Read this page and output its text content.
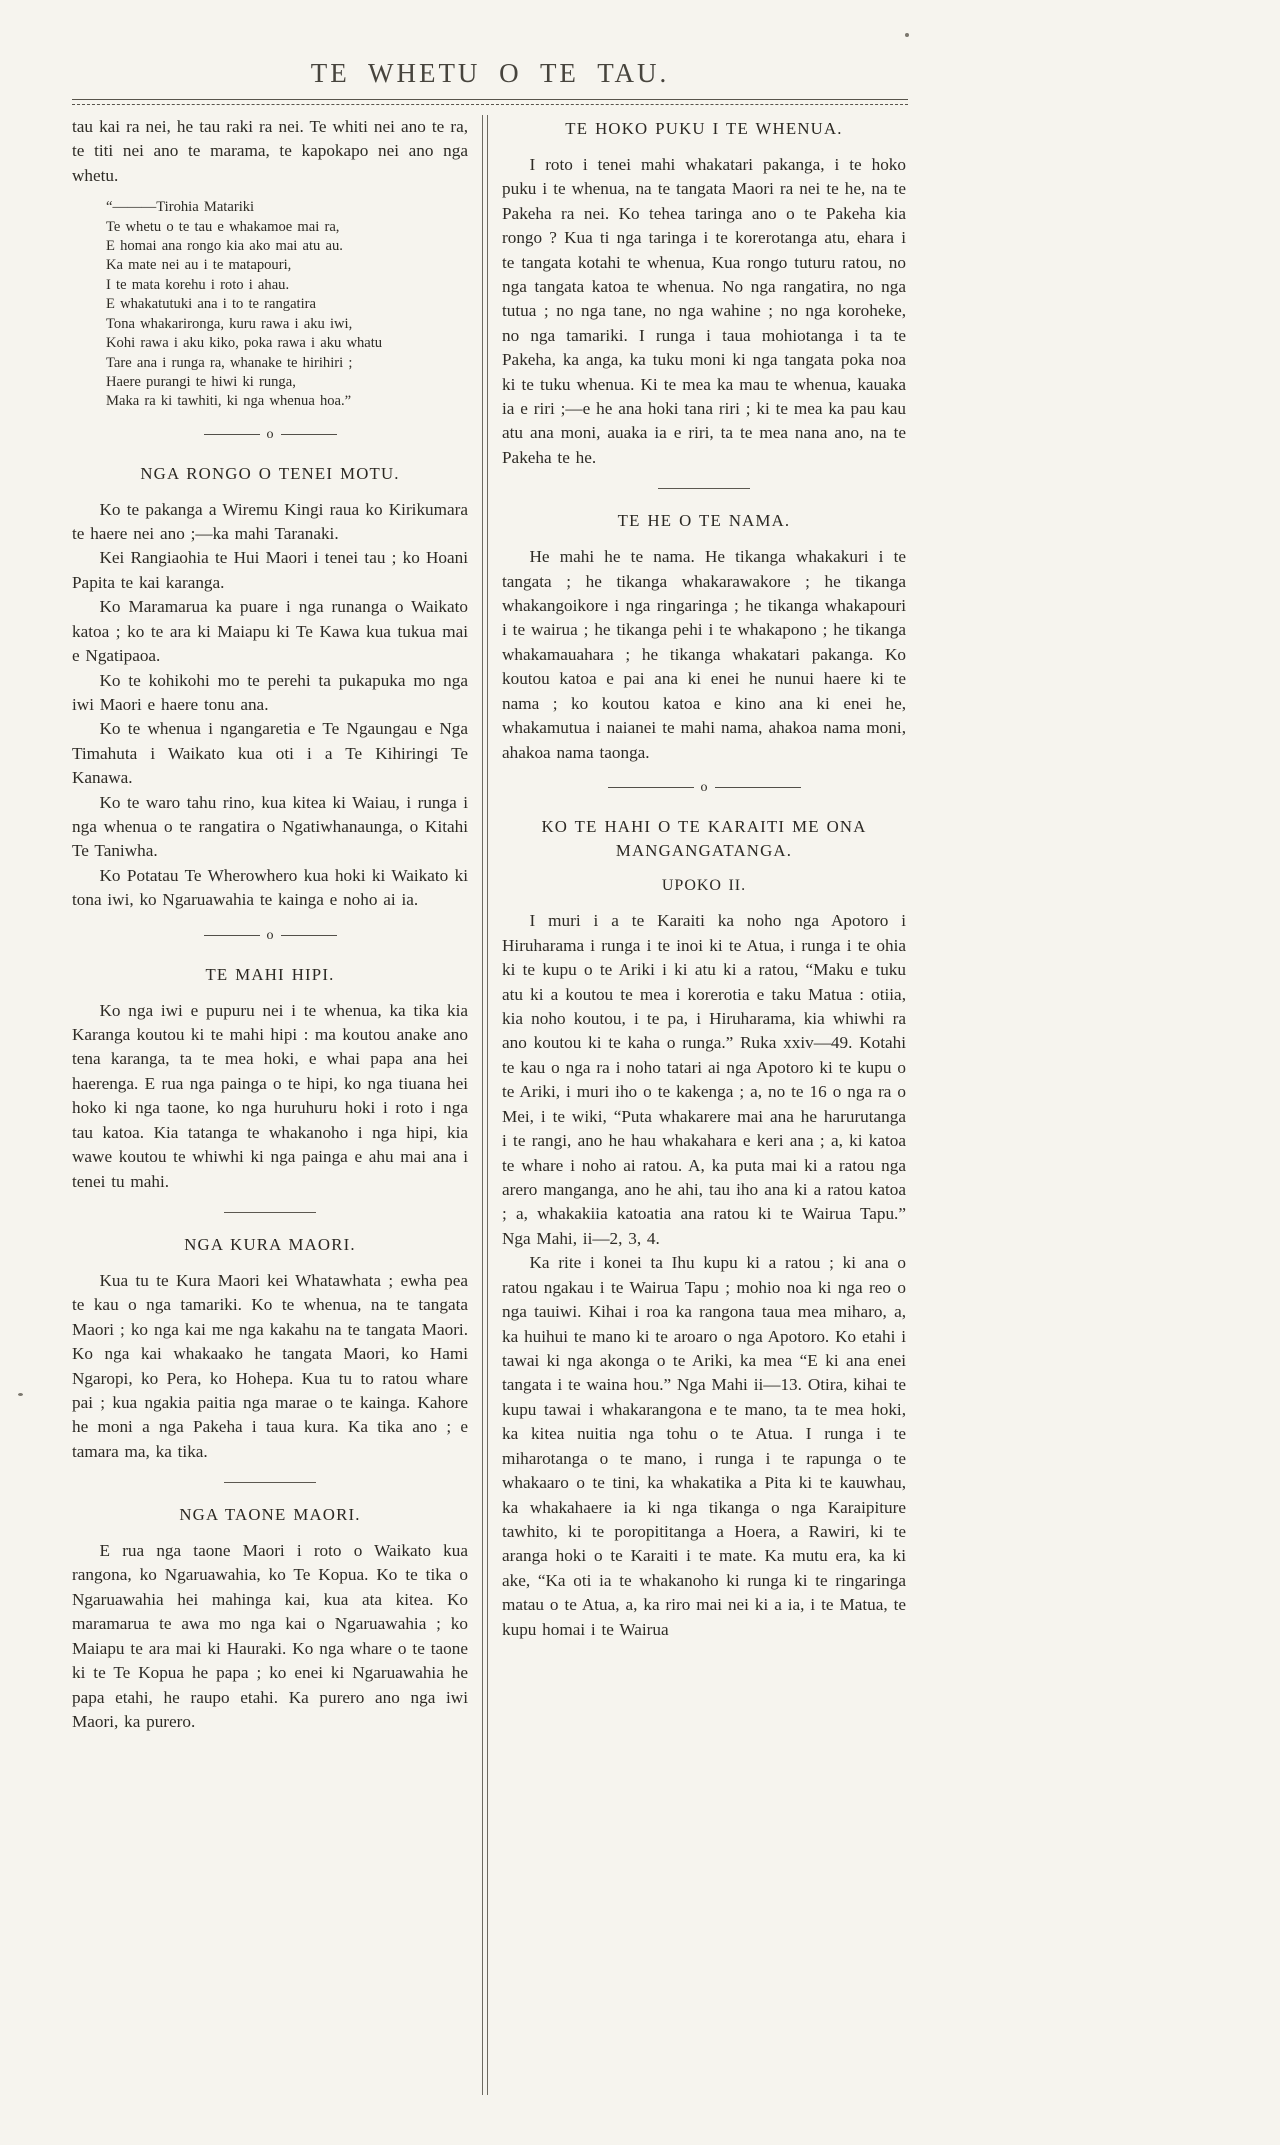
TE WHETU O TE TAU.

tau kai ra nei, he tau raki ra nei. Te whiti nei ano te ra, te titi nei ano te marama, te kapokapo nei ano nga whetu.

“———Tirohia Matariki
Te whetu o te tau e whakamoe mai ra,
E homai ana rongo kia ako mai atu au.
Ka mate nei au i te matapouri,
I te mata korehu i roto i ahau.
E whakatutuki ana i to te rangatira
Tona whakarironga, kuru rawa i aku iwi,
Kohi rawa i aku kiko, poka rawa i aku whatu
Tare ana i runga ra, whanake te hirihiri ;
Haere purangi te hiwi ki runga,
Maka ra ki tawhiti, ki nga whenua hoa.”
o
NGA RONGO O TENEI MOTU.

Ko te pakanga a Wiremu Kingi raua ko Kirikumara te haere nei ano ;—ka mahi Taranaki.

Kei Rangiaohia te Hui Maori i tenei tau ; ko Hoani Papita te kai karanga.

Ko Maramarua ka puare i nga runanga o Waikato katoa ; ko te ara ki Maiapu ki Te Kawa kua tukua mai e Ngatipaoa.

Ko te kohikohi mo te perehi ta pukapuka mo nga iwi Maori e haere tonu ana.

Ko te whenua i ngangaretia e Te Ngaungau e Nga Timahuta i Waikato kua oti i a Te Kihiringi Te Kanawa.

Ko te waro tahu rino, kua kitea ki Waiau, i runga i nga whenua o te rangatira o Ngatiwhanaunga, o Kitahi Te Taniwha.

Ko Potatau Te Wherowhero kua hoki ki Waikato ki tona iwi, ko Ngaruawahia te kainga e noho ai ia.

o
TE MAHI HIPI.

Ko nga iwi e pupuru nei i te whenua, ka tika kia Karanga koutou ki te mahi hipi : ma koutou anake ano tena karanga, ta te mea hoki, e whai papa ana hei haerenga. E rua nga painga o te hipi, ko nga tiuana hei hoko ki nga taone, ko nga huruhuru hoki i roto i nga tau katoa. Kia tatanga te whakanoho i nga hipi, kia wawe koutou te whiwhi ki nga painga e ahu mai ana i tenei tu mahi.

NGA KURA MAORI.

Kua tu te Kura Maori kei Whatawhata ; ewha pea te kau o nga tamariki. Ko te whenua, na te tangata Maori ; ko nga kai me nga kakahu na te tangata Maori. Ko nga kai whakaako he tangata Maori, ko Hami Ngaropi, ko Pera, ko Hohepa. Kua tu to ratou whare pai ; kua ngakia paitia nga marae o te kainga. Kahore he moni a nga Pakeha i taua kura. Ka tika ano ; e tamara ma, ka tika.

NGA TAONE MAORI.

E rua nga taone Maori i roto o Waikato kua rangona, ko Ngaruawahia, ko Te Kopua. Ko te tika o Ngaruawahia hei mahinga kai, kua ata kitea. Ko maramarua te awa mo nga kai o Ngaruawahia ; ko Maiapu te ara mai ki Hauraki. Ko nga whare o te taone ki te Te Kopua he papa ; ko enei ki Ngaruawahia he papa etahi, he raupo etahi. Ka purero ano nga iwi Maori, ka purero.

TE HOKO PUKU I TE WHENUA.

I roto i tenei mahi whakatari pakanga, i te hoko puku i te whenua, na te tangata Maori ra nei te he, na te Pakeha ra nei. Ko tehea taringa ano o te Pakeha kia rongo ? Kua ti nga taringa i te korerotanga atu, ehara i te tangata kotahi te whenua, Kua rongo tuturu ratou, no nga tangata katoa te whenua. No nga rangatira, no nga tutua ; no nga tane, no nga wahine ; no nga koroheke, no nga tamariki. I runga i taua mohiotanga i ta te Pakeha, ka anga, ka tuku moni ki nga tangata poka noa ki te tuku whenua. Ki te mea ka mau te whenua, kauaka ia e riri ;—e he ana hoki tana riri ; ki te mea ka pau kau atu ana moni, auaka ia e riri, ta te mea nana ano, na te Pakeha te he.

TE HE O TE NAMA.

He mahi he te nama. He tikanga whakakuri i te tangata ; he tikanga whakarawakore ; he tikanga whakangoikore i nga ringaringa ; he tikanga whakapouri i te wairua ; he tikanga pehi i te whakapono ; he tikanga whakamauahara ; he tikanga whakatari pakanga. Ko koutou katoa e pai ana ki enei he nunui haere ki te nama ; ko koutou katoa e kino ana ki enei he, whakamutua i naianei te mahi nama, ahakoa nama moni, ahakoa nama taonga.

o
KO TE HAHI O TE KARAITI ME ONA MANGANGATANGA.
UPOKO II.

I muri i a te Karaiti ka noho nga Apotoro i Hiruharama i runga i te inoi ki te Atua, i runga i te ohia ki te kupu o te Ariki i ki atu ki a ratou, “Maku e tuku atu ki a koutou te mea i korerotia e taku Matua : otiia, kia noho koutou, i te pa, i Hiruharama, kia whiwhi ra ano koutou ki te kaha o runga.” Ruka xxiv—49. Kotahi te kau o nga ra i noho tatari ai nga Apotoro ki te kupu o te Ariki, i muri iho o te kakenga ; a, no te 16 o nga ra o Mei, i te wiki, “Puta whakarere mai ana he harurutanga i te rangi, ano he hau whakahara e keri ana ; a, ki katoa te whare i noho ai ratou. A, ka puta mai ki a ratou nga arero manganga, ano he ahi, tau iho ana ki a ratou katoa ; a, whakakiia katoatia ana ratou ki te Wairua Tapu.” Nga Mahi, ii—2, 3, 4.

Ka rite i konei ta Ihu kupu ki a ratou ; ki ana o ratou ngakau i te Wairua Tapu ; mohio noa ki nga reo o nga tauiwi. Kihai i roa ka rangona taua mea miharo, a, ka huihui te mano ki te aroaro o nga Apotoro. Ko etahi i tawai ki nga akonga o te Ariki, ka mea “E ki ana enei tangata i te waina hou.” Nga Mahi ii—13. Otira, kihai te kupu tawai i whakarangona e te mano, ta te mea hoki, ka kitea nuitia nga tohu o te Atua. I runga i te miharotanga o te mano, i runga i te rapunga o te whakaaro o te tini, ka whakatika a Pita ki te kauwhau, ka whakahaere ia ki nga tikanga o nga Karaipiture tawhito, ki te poropititanga a Hoera, a Rawiri, ki te aranga hoki o te Karaiti i te mate. Ka mutu era, ka ki ake, “Ka oti ia te whakanoho ki runga ki te ringaringa matau o te Atua, a, ka riro mai nei ki a ia, i te Matua, te kupu homai i te Wairua
